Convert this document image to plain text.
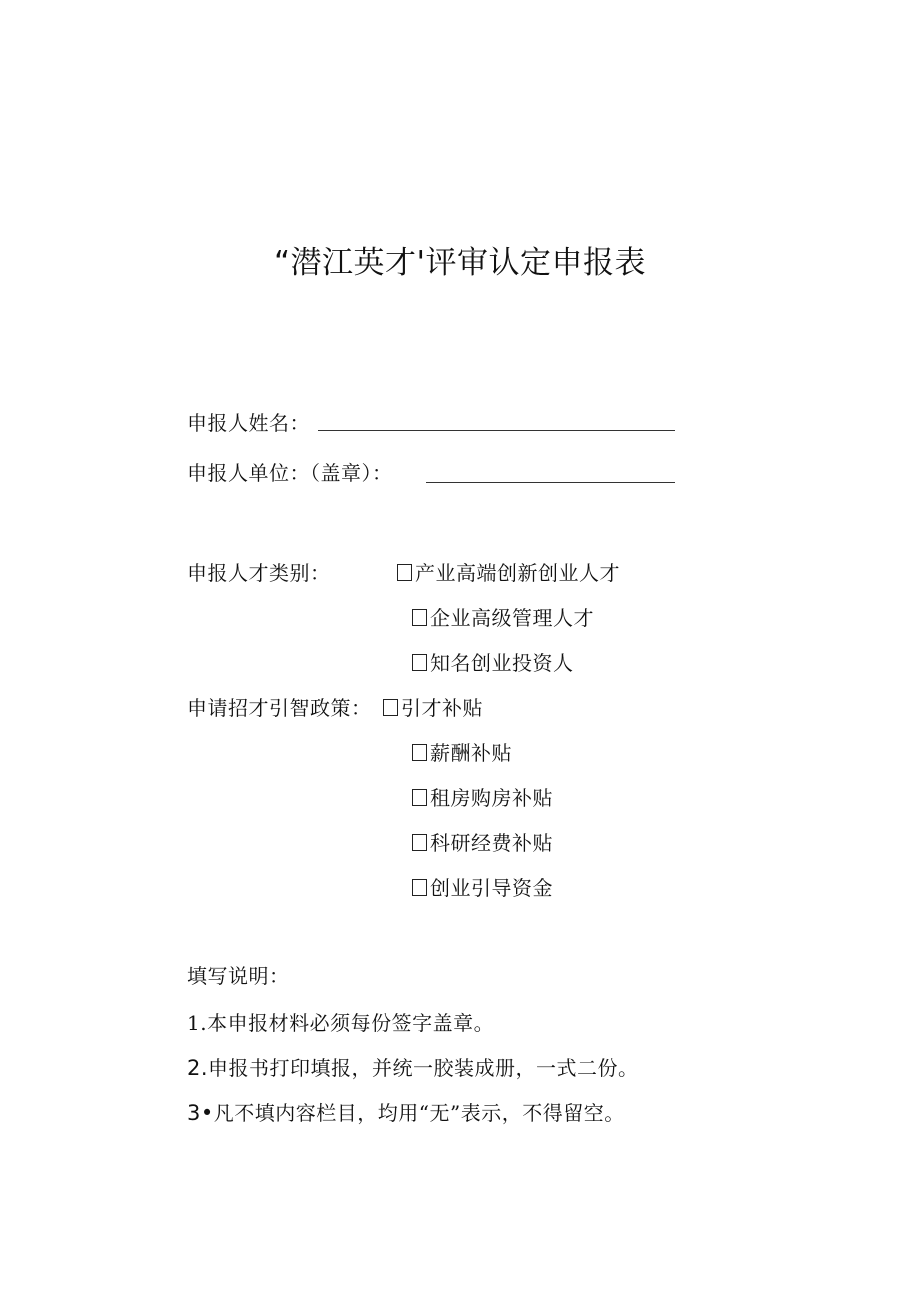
“潜江英才'评审认定申报表
申报人姓名：
申报人单位：（盖章）：
申报人才类别：	产业高端创新创业人才
企业高级管理人才
知名创业投资人
申请招才引智政策：	引才补贴
薪酬补贴
租房购房补贴
科研经费补贴
创业引导资金
填写说明：
1.本申报材料必须每份签字盖章。
2.申报书打印填报，并统一胶装成册，一式二份。
3•凡不填内容栏目，均用“无”表示，不得留空。
